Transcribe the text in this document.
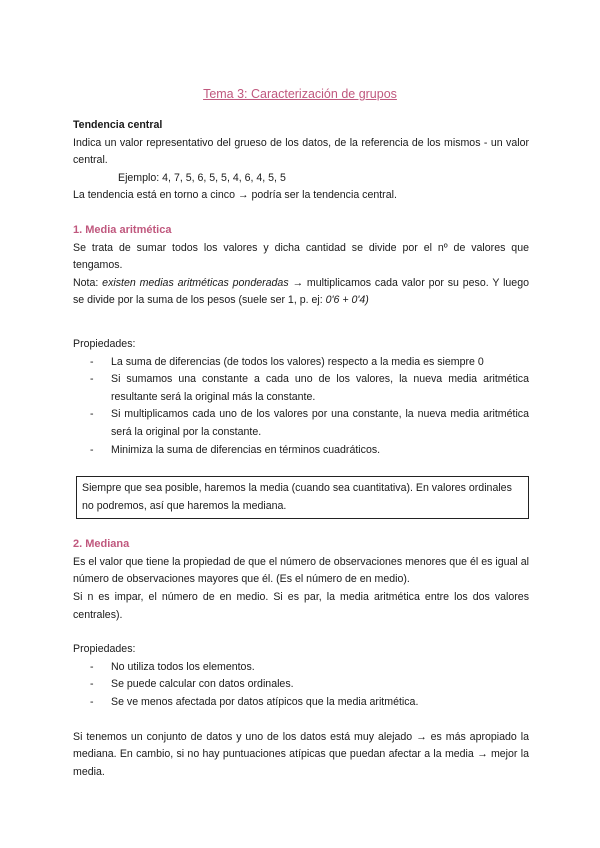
Tema 3: Caracterización de grupos
Tendencia central
Indica un valor representativo del grueso de los datos, de la referencia de los mismos - un valor central.
Ejemplo: 4, 7, 5, 6, 5, 5, 4, 6, 4, 5, 5
La tendencia está en torno a cinco → podría ser la tendencia central.
1. Media aritmética
Se trata de sumar todos los valores y dicha cantidad se divide por el nº de valores que tengamos.
Nota: existen medias aritméticas ponderadas → multiplicamos cada valor por su peso. Y luego se divide por la suma de los pesos (suele ser 1, p. ej: 0'6 + 0'4)
Propiedades:
- La suma de diferencias (de todos los valores) respecto a la media es siempre 0
- Si sumamos una constante a cada uno de los valores, la nueva media aritmética resultante será la original más la constante.
- Si multiplicamos cada uno de los valores por una constante, la nueva media aritmética será la original por la constante.
- Minimiza la suma de diferencias en términos cuadráticos.
Siempre que sea posible, haremos la media (cuando sea cuantitativa). En valores ordinales no podremos, así que haremos la mediana.
2. Mediana
Es el valor que tiene la propiedad de que el número de observaciones menores que él es igual al número de observaciones mayores que él. (Es el número de en medio).
Si n es impar, el número de en medio. Si es par, la media aritmética entre los dos valores centrales).
Propiedades:
- No utiliza todos los elementos.
- Se puede calcular con datos ordinales.
- Se ve menos afectada por datos atípicos que la media aritmética.
Si tenemos un conjunto de datos y uno de los datos está muy alejado → es más apropiado la mediana. En cambio, si no hay puntuaciones atípicas que puedan afectar a la media → mejor la media.
